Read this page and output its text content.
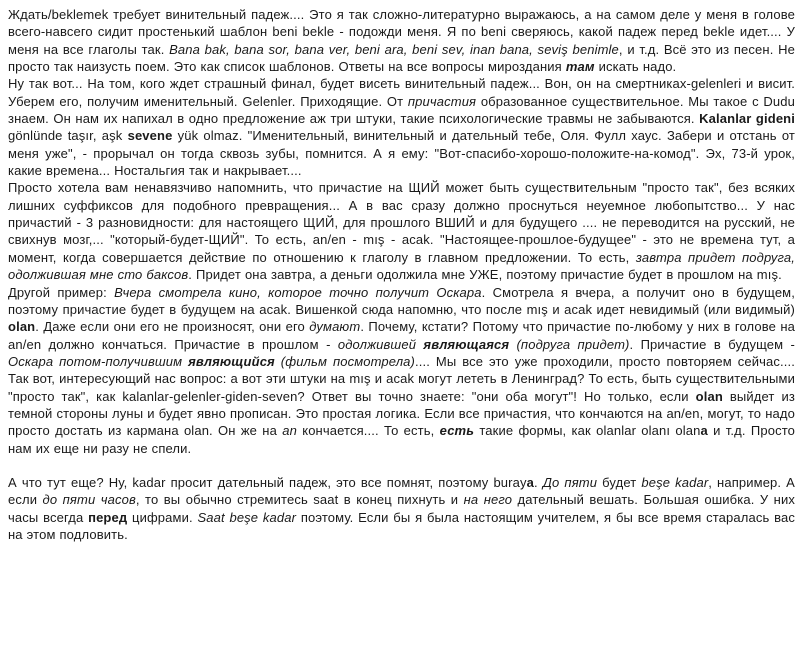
Ждать/beklemek требует винительный падеж.... Это я так сложно-литературно выражаюсь, а на самом деле у меня в голове всего-навсего сидит простенький шаблон beni bekle - подожди меня. Я по beni сверяюсь, какой падеж перед bekle идет.... У меня на все глаголы так. Bana bak, bana sor, bana ver, beni ara, beni sev, inan bana, seviş benimle, и т.д. Всё это из песен. Не просто так наизусть поем. Это как список шаблонов. Ответы на все вопросы мироздания там искать надо.

Ну так вот... На том, кого ждет страшный финал, будет висеть винительный падеж... Вон, он на смертниках-gelenleri и висит. Уберем его, получим именительный. Gelenler. Приходящие. От причастия образованное существительное. Мы такое с Dudu знаем. Он нам их напихал в одно предложение аж три штуки, такие психологические травмы не забываются. Kalanlar gideni gönlünde taşır, aşk sevene yük olmaz. "Именительный, винительный и дательный тебе, Оля. Фулл хаус. Забери и отстань от меня уже", - прорычал он тогда сквозь зубы, помнится. А я ему: "Вот-спасибо-хорошо-положите-на-комод". Эх, 73-й урок, какие времена... Ностальгия так и накрывает....

Просто хотела вам ненавязчиво напомнить, что причастие на ЩИЙ может быть существительным "просто так", без всяких лишних суффиксов для подобного превращения... А в вас сразу должно проснуться неуемное любопытство... У нас причастий - 3 разновидности: для настоящего ЩИЙ, для прошлого ВШИЙ и для будущего .... не переводится на русский, не свихнув мозг,... "который-будет-ЩИЙ". То есть, an/en - mış - acak. "Настоящее-прошлое-будущее" - это не времена тут, а момент, когда совершается действие по отношению к глаголу в главном предложении. То есть, завтра придет подруга, одолжившая мне сто баксов. Придет она завтра, а деньги одолжила мне УЖЕ, поэтому причастие будет в прошлом на mış.

Другой пример: Вчера смотрела кино, которое точно получит Оскара. Смотрела я вчера, а получит оно в будущем, поэтому причастие будет в будущем на acak. Вишенкой сюда напомню, что после mış и acak идет невидимый (или видимый) olan. Даже если они его не произносят, они его думают. Почему, кстати? Потому что причастие по-любому у них в голове на an/en должно кончаться. Причастие в прошлом - одолжившей являющаяся (подруга придет). Причастие в будущем - Оскара потом-получившим являющийся (фильм посмотрела).... Мы все это уже проходили, просто повторяем сейчас.... Так вот, интересующий нас вопрос: а вот эти штуки на mış и acak могут лететь в Ленинград? То есть, быть существительными "просто так", как kalanlar-gelenler-giden-seven? Ответ вы точно знаете: "они оба могут"! Но только, если olan выйдет из темной стороны луны и будет явно прописан. Это простая логика. Если все причастия, что кончаются на an/en, могут, то надо просто достать из кармана olan. Он же на an кончается.... То есть, есть такие формы, как olanlar olanı olana и т.д. Просто нам их еще ни разу не спели.

А что тут еще? Ну, kadar просит дательный падеж, это все помнят, поэтому buraya. До пяти будет beşe kadar, например. А если до пяти часов, то вы обычно стремитесь saat в конец пихнуть и на него дательный вешать. Большая ошибка. У них часы всегда перед цифрами. Saat beşe kadar поэтому. Если бы я была настоящим учителем, я бы все время старалась вас на этом подловить.
